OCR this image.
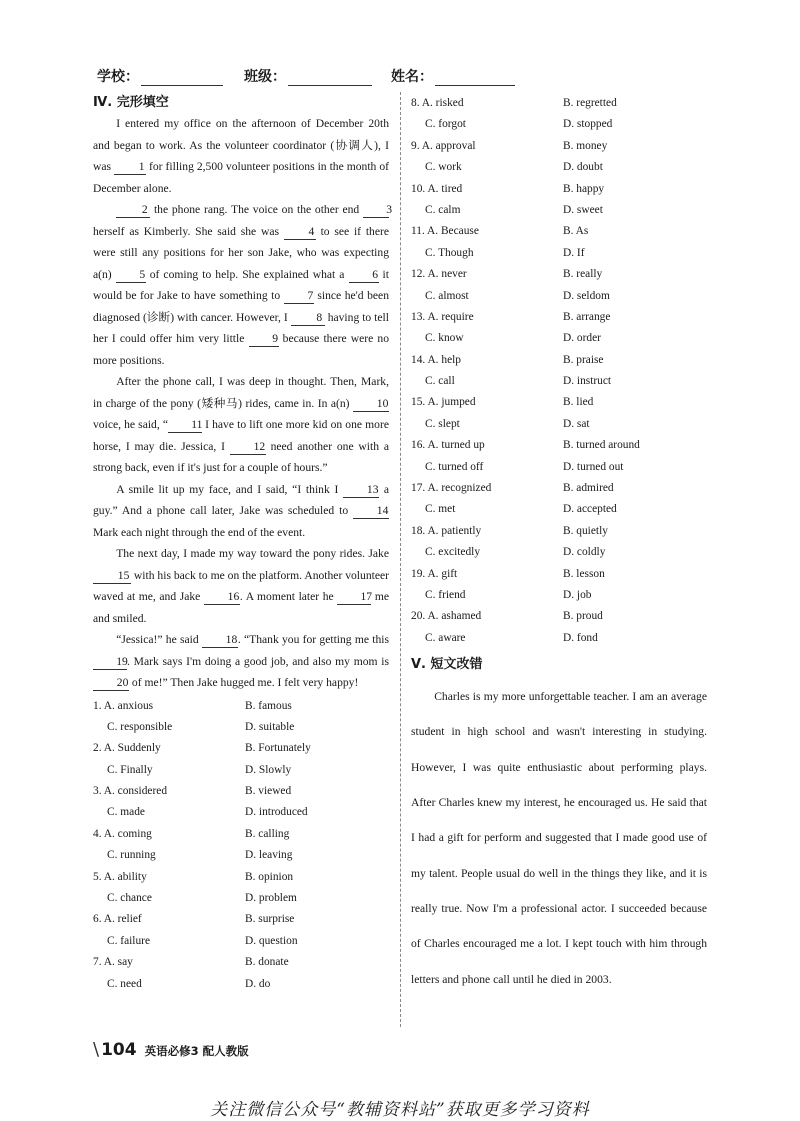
学校：	班级：	姓名：
Ⅳ. 完形填空

I entered my office on the afternoon of December 20th and began to work. As the volunteer coordinator (协调人), I was 1 for filling 2,500 volunteer positions in the month of December alone.

2 the phone rang. The voice on the other end 3 herself as Kimberly. She said she was 4 to see if there were still any positions for her son Jake, who was expecting a(n) 5 of coming to help. She explained what a 6 it would be for Jake to have something to 7 since he'd been diagnosed (诊断) with cancer. However, I 8 having to tell her I could offer him very little 9 because there were no more positions.

After the phone call, I was deep in thought. Then, Mark, in charge of the pony (矮种马) rides, came in. In a(n) 10 voice, he said, “ 11 I have to lift one more kid on one more horse, I may die. Jessica, I 12 need another one with a strong back, even if it's just for a couple of hours.”

A smile lit up my face, and I said, “I think I 13 a guy.” And a phone call later, Jake was scheduled to 14 Mark each night through the end of the event.

The next day, I made my way toward the pony rides. Jake 15 with his back to me on the platform. Another volunteer waved at me, and Jake 16. A moment later he 17 me and smiled.

“Jessica!” he said 18. “Thank you for getting me this 19. Mark says I'm doing a good job, and also my mom is 20 of me!” Then Jake hugged me. I felt very happy!

1. A. anxious	B. famous
C. responsible	D. suitable
2. A. Suddenly	B. Fortunately
C. Finally	D. Slowly
3. A. considered	B. viewed
C. made	D. introduced
4. A. coming	B. calling
C. running	D. leaving
5. A. ability	B. opinion
C. chance	D. problem
6. A. relief	B. surprise
C. failure	D. question
7. A. say	B. donate
C. need	D. do
8. A. risked	B. regretted
C. forgot	D. stopped
9. A. approval	B. money
C. work	D. doubt
10. A. tired	B. happy
C. calm	D. sweet
11. A. Because	B. As
C. Though	D. If
12. A. never	B. really
C. almost	D. seldom
13. A. require	B. arrange
C. know	D. order
14. A. help	B. praise
C. call	D. instruct
15. A. jumped	B. lied
C. slept	D. sat
16. A. turned up	B. turned around
C. turned off	D. turned out
17. A. recognized	B. admired
C. met	D. accepted
18. A. patiently	B. quietly
C. excitedly	D. coldly
19. A. gift	B. lesson
C. friend	D. job
20. A. ashamed	B. proud
C. aware	D. fond
Ⅴ. 短文改错

Charles is my more unforgettable teacher. I am an average student in high school and wasn't interesting in studying. However, I was quite enthusiastic about performing plays. After Charles knew my interest, he encouraged us. He said that I had a gift for perform and suggested that I made good use of my talent. People usual do well in the things they like, and it is really true. Now I'm a professional actor. I succeeded because of Charles encouraged me a lot. I kept touch with him through letters and phone call until he died in 2003.

\ 104 英语必修3 配人教版
关注微信公众号“教辅资料站”获取更多学习资料
